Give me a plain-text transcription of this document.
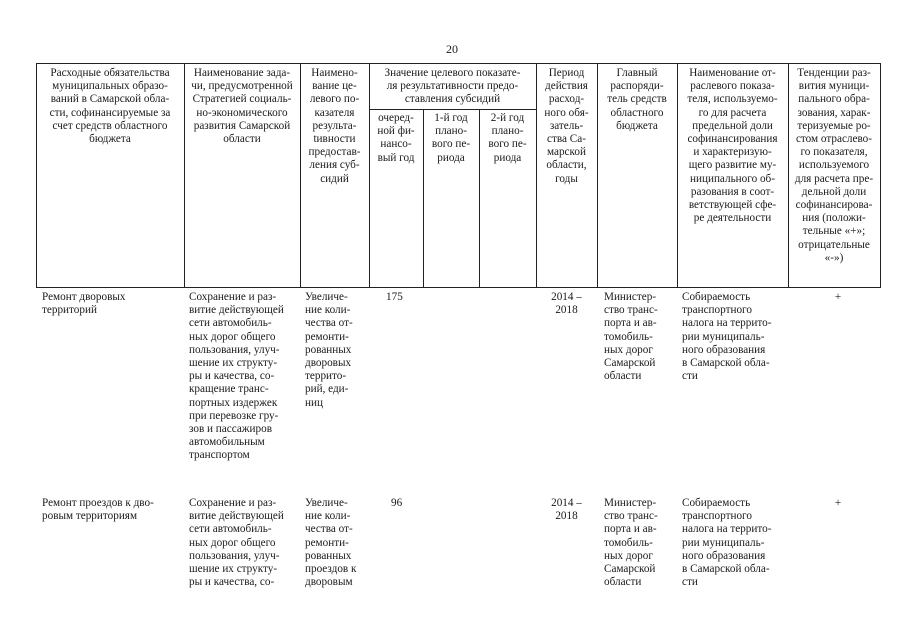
20
Расходные обязательства
муниципальных образо-
ваний в Самарской обла-
сти, софинансируемые за
счет средств областного
бюджета
Наименование зада-
чи, предусмотренной
Стратегией социаль-
но-экономического
развития Самарской
области
Наимено-
вание це-
левого по-
казателя
результа-
tивности
предостав-
ления суб-
сидий
Значение целевого показате-
ля результативности предо-
ставления субсидий
очеред-
ной фи-
нансо-
вый год
1-й год
плано-
вого пе-
риода
2-й год
плано-
вого пе-
риода
Период
действия
расход-
ного обя-
затель-
ства Са-
марской
области,
годы
Главный
распоряди-
тель средств
областного
бюджета
Наименование от-
раслевого показа-
теля, используемо-
го для расчета
предельной доли
софинансирования
и характеризую-
щего развитие му-
ниципального об-
разования в соот-
ветствующей сфе-
ре деятельности
Тенденции раз-
вития муници-
пального обра-
зования, харак-
теризуемые ро-
стом отраслево-
го показателя,
используемого
для расчета пре-
дельной доли
софинансирова-
ния (положи-
тельные «+»;
отрицательные
«-»)
Ремонт дворовых
территорий
Сохранение и раз-
витие действующей
сети автомобиль-
ных дорог общего
пользования, улуч-
шение их структу-
ры и качества, со-
кращение транс-
портных издержек
при перевозке гру-
зов и пассажиров
автомобильным
транспортом
Увеличе-
ние коли-
чества от-
ремонти-
рованных
дворовых
террито-
рий, еди-
ниц
175	2014 –
2018
Министер-
ство транс-
порта и ав-
томобиль-
ных дорог
Самарской
области
Собираемость
транспортного
налога на террито-
рии муниципаль-
ного образования
в Самарской обла-
сти
+
Ремонт проездов к дво-
ровым территориям
Сохранение и раз-
витие действующей
сети автомобиль-
ных дорог общего
пользования, улуч-
шение их структу-
ры и качества, со-
Увеличе-
ние коли-
чества от-
ремонти-
рованных
проездов к
дворовым
96	2014 –
2018
Министер-
ство транс-
порта и ав-
томобиль-
ных дорог
Самарской
области
Собираемость
транспортного
налога на террито-
рии муниципаль-
ного образования
в Самарской обла-
сти
+
